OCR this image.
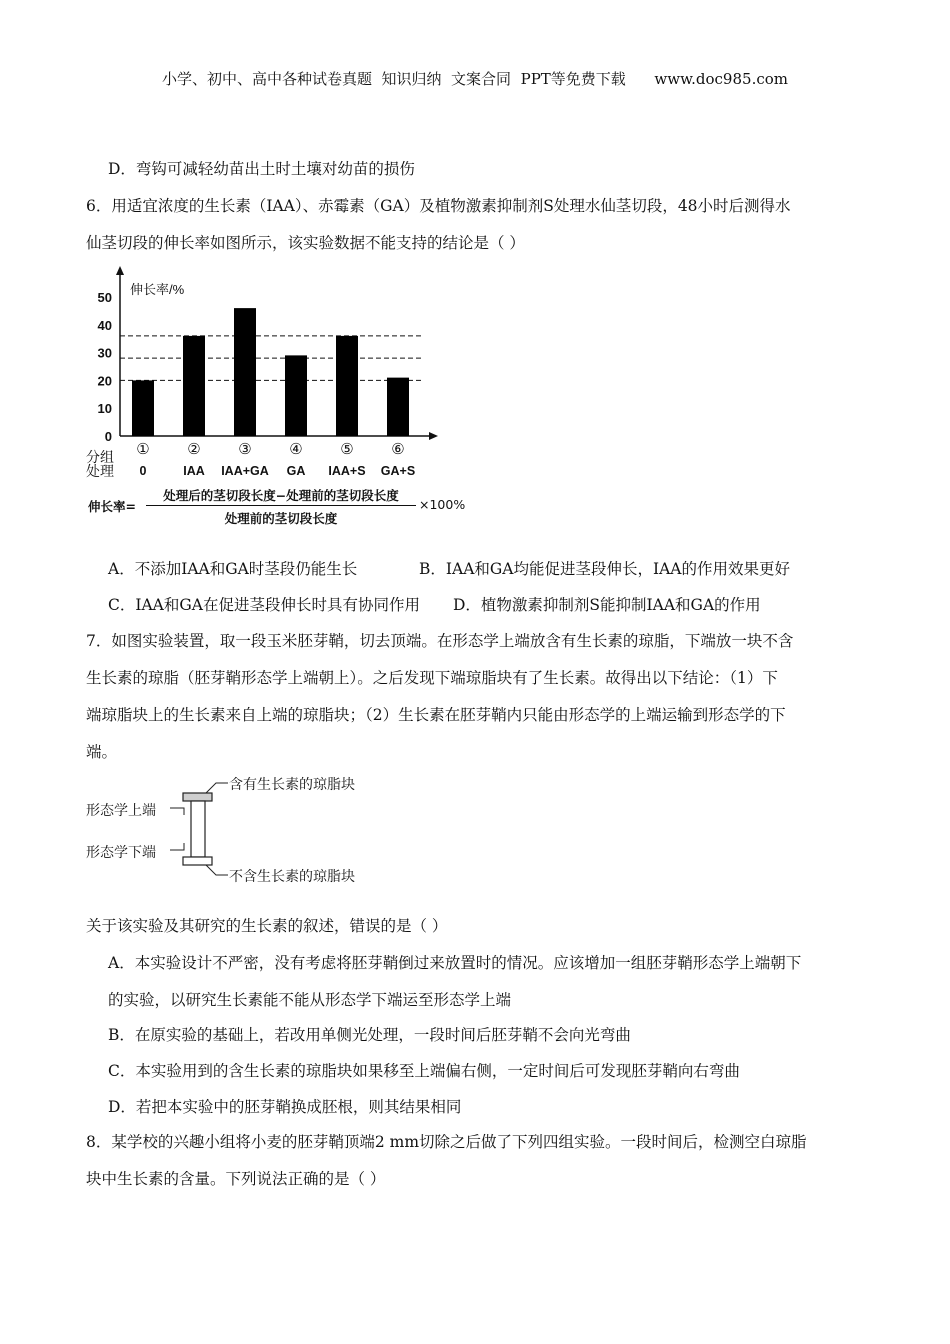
小学、初中、高中各种试卷真题  知识归纳  文案合同  PPT等免费下载      www.doc985.com
D．弯钩可减轻幼苗出土时土壤对幼苗的损伤
6．用适宜浓度的生长素（IAA）、赤霉素（GA）及植物激素抑制剂S处理水仙茎切段，48小时后测得水
仙茎切段的伸长率如图所示，该实验数据不能支持的结论是（ ）
伸长率/%
分组
处理
0
10
20
30
40
50
①
0
②
IAA
③
IAA+GA
④
GA
⑤
IAA+S
⑥
GA+S
伸长率=
处理后的茎切段长度−处理前的茎切段长度
处理前的茎切段长度
×100%
A．不添加IAA和GA时茎段仍能生长	B．IAA和GA均能促进茎段伸长，IAA的作用效果更好
C．IAA和GA在促进茎段伸长时具有协同作用 D．植物激素抑制剂S能抑制IAA和GA的作用
7．如图实验装置，取一段玉米胚芽鞘，切去顶端。在形态学上端放含有生长素的琼脂，下端放一块不含
生长素的琼脂（胚芽鞘形态学上端朝上）。之后发现下端琼脂块有了生长素。故得出以下结论：（1）下
端琼脂块上的生长素来自上端的琼脂块；（2）生长素在胚芽鞘内只能由形态学的上端运输到形态学的下
端。
含有生长素的琼脂块
形态学上端
形态学下端
不含生长素的琼脂块
关于该实验及其研究的生长素的叙述，错误的是（ ）
A．本实验设计不严密，没有考虑将胚芽鞘倒过来放置时的情况。应该增加一组胚芽鞘形态学上端朝下
的实验，以研究生长素能不能从形态学下端运至形态学上端
B．在原实验的基础上，若改用单侧光处理，一段时间后胚芽鞘不会向光弯曲
C．本实验用到的含生长素的琼脂块如果移至上端偏右侧，一定时间后可发现胚芽鞘向右弯曲
D．若把本实验中的胚芽鞘换成胚根，则其结果相同
8．某学校的兴趣小组将小麦的胚芽鞘顶端2 mm切除之后做了下列四组实验。一段时间后，检测空白琼脂
块中生长素的含量。下列说法正确的是（ ）
